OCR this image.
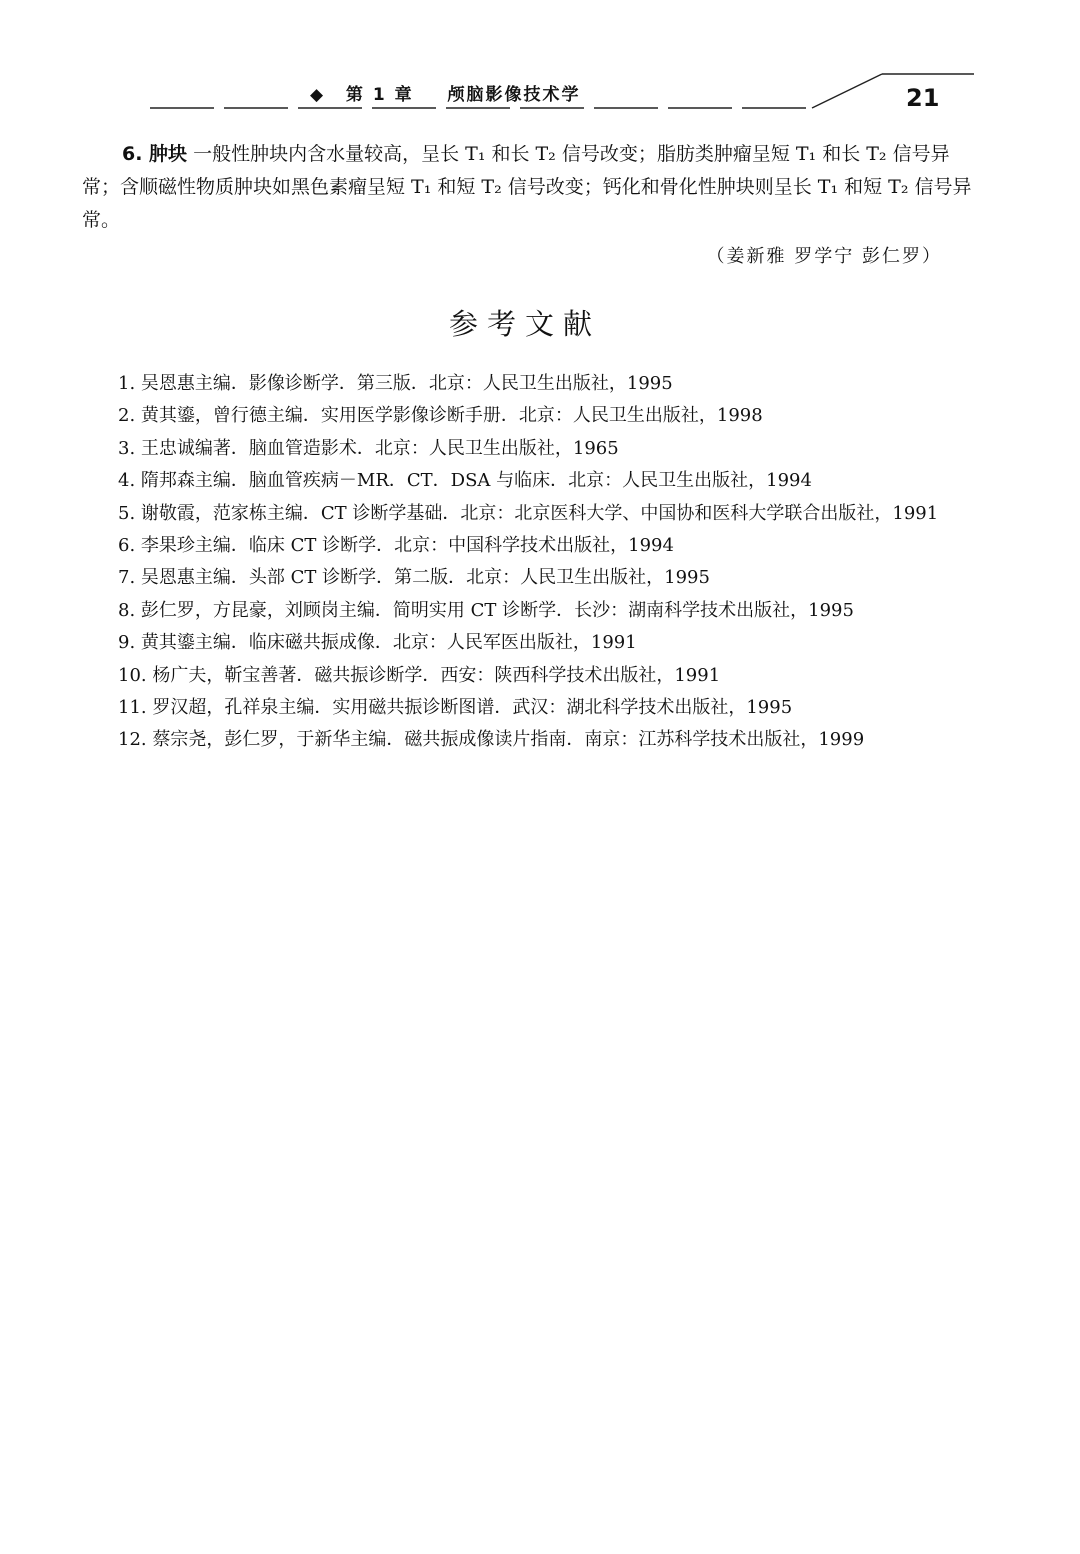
◆ 第 1 章 颅脑影像技术学	21

6. 肿块 一般性肿块内含水量较高，呈长 T₁ 和长 T₂ 信号改变；脂肪类肿瘤呈短 T₁ 和长 T₂ 信号异常；含顺磁性物质肿块如黑色素瘤呈短 T₁ 和短 T₂ 信号改变；钙化和骨化性肿块则呈长 T₁ 和短 T₂ 信号异常。

（姜新雅 罗学宁 彭仁罗）
参考文献
1. 吴恩惠主编．影像诊断学．第三版．北京：人民卫生出版社，1995
2. 黄其鎏，曾行德主编．实用医学影像诊断手册．北京：人民卫生出版社，1998
3. 王忠诚编著．脑血管造影术．北京：人民卫生出版社，1965
4. 隋邦森主编．脑血管疾病－MR．CT．DSA 与临床．北京：人民卫生出版社，1994
5. 谢敬霞，范家栋主编．CT 诊断学基础．北京：北京医科大学、中国协和医科大学联合出版社，1991
6. 李果珍主编．临床 CT 诊断学．北京：中国科学技术出版社，1994
7. 吴恩惠主编．头部 CT 诊断学．第二版．北京：人民卫生出版社，1995
8. 彭仁罗，方昆豪，刘顾岗主编．简明实用 CT 诊断学．长沙：湖南科学技术出版社，1995
9. 黄其鎏主编．临床磁共振成像．北京：人民军医出版社，1991
10. 杨广夫，靳宝善著．磁共振诊断学．西安：陕西科学技术出版社，1991
11. 罗汉超，孔祥泉主编．实用磁共振诊断图谱．武汉：湖北科学技术出版社，1995
12. 蔡宗尧，彭仁罗，于新华主编．磁共振成像读片指南．南京：江苏科学技术出版社，1999
